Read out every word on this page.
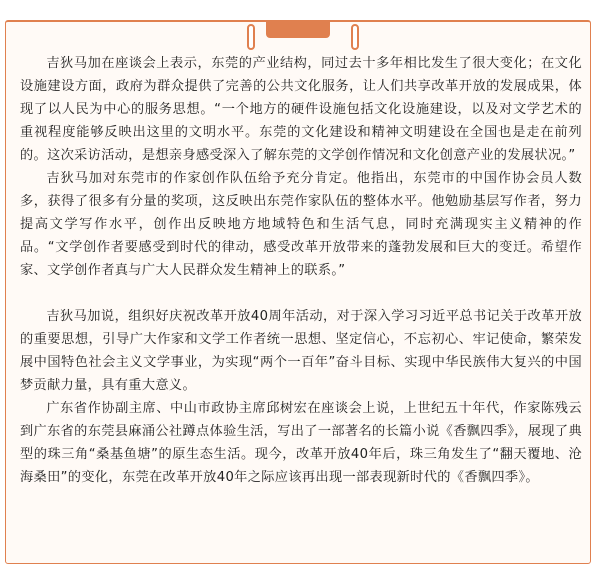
吉狄马加在座谈会上表示，东莞的产业结构，同过去十多年相比发生了很大变化；在文化设施建设方面，政府为群众提供了完善的公共文化服务，让人们共享改革开放的发展成果，体现了以人民为中心的服务思想。“一个地方的硬件设施包括文化设施建设，以及对文学艺术的重视程度能够反映出这里的文明水平。东莞的文化建设和精神文明建设在全国也是走在前列的。这次采访活动，是想亲身感受深入了解东莞的文学创作情况和文化创意产业的发展状况。”

吉狄马加对东莞市的作家创作队伍给予充分肯定。他指出，东莞市的中国作协会员人数多，获得了很多有分量的奖项，这反映出东莞作家队伍的整体水平。他勉励基层写作者，努力提高文学写作水平，创作出反映地方地域特色和生活气息，同时充满现实主义精神的作品。“文学创作者要感受到时代的律动，感受改革开放带来的蓬勃发展和巨大的变迁。希望作家、文学创作者真与广大人民群众发生精神上的联系。”

吉狄马加说，组织好庆祝改革开放40周年活动，对于深入学习习近平总书记关于改革开放的重要思想，引导广大作家和文学工作者统一思想、坚定信心，不忘初心、牢记使命，繁荣发展中国特色社会主义文学事业，为实现“两个一百年”奋斗目标、实现中华民族伟大复兴的中国梦贡献力量，具有重大意义。

广东省作协副主席、中山市政协主席邱树宏在座谈会上说，上世纪五十年代，作家陈残云到广东省的东莞县麻涌公社蹲点体验生活，写出了一部著名的长篇小说《香飘四季》，展现了典型的珠三角“桑基鱼塘”的原生态生活。现今，改革开放40年后，珠三角发生了“翻天覆地、沧海桑田”的变化，东莞在改革开放40年之际应该再出现一部表现新时代的《香飘四季》。
